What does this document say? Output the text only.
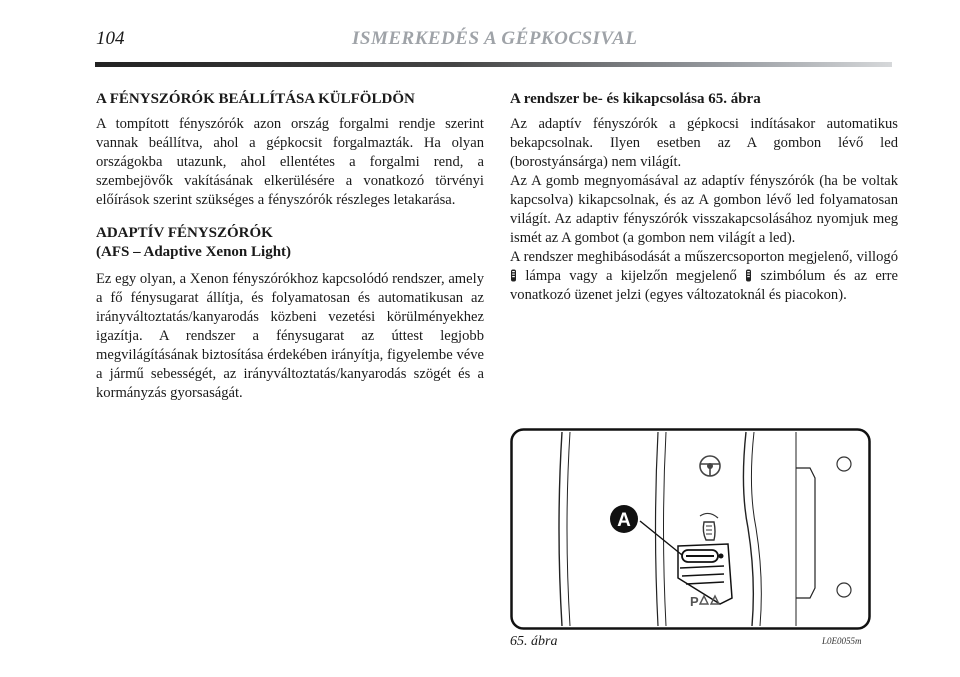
104	ISMERKEDÉS A GÉPKOCSIVAL
A FÉNYSZÓRÓK BEÁLLÍTÁSA KÜLFÖLDÖN

A tompított fényszórók azon ország forgalmi rendje szerint vannak beállítva, ahol a gépkocsit forgalmazták. Ha olyan országokba utazunk, ahol ellentétes a forgalmi rend, a szembejövők vakításának elkerülésére a vonatkozó törvényi előírások szerint szükséges a fényszórók részleges letakarása.

ADAPTÍV FÉNYSZÓRÓK
(AFS – Adaptive Xenon Light)

Ez egy olyan, a Xenon fényszórókhoz kapcsolódó rendszer, amely a fő fénysugarat állítja, és folyamatosan és automatikusan az irányváltoztatás/kanyarodás közbeni vezetési körülményekhez igazítja. A rendszer a fénysugarat az úttest legjobb megvilágításának biztosítása érdekében irányítja, figyelembe véve a jármű sebességét, az irányváltoztatás/kanyarodás szögét és a kormányzás gyorsaságát.

A rendszer be- és kikapcsolása 65. ábra

Az adaptív fényszórók a gépkocsi indításakor automatikus bekapcsolnak. Ilyen esetben az A gombon lévő led (borostyánsárga) nem világít.

Az A gomb megnyomásával az adaptív fényszórók (ha be voltak kapcsolva) kikapcsolnak, és az A gombon lévő led folyamatosan világít. Az adaptiv fényszórók visszakapcsolásához nyomjuk meg ismét az A gombot (a gombon nem világít a led).

A rendszer meghibásodását a műszercsoporton megjelenő, villogó  lámpa vagy a kijelzőn megjelenő szimbólum és az erre vonatkozó üzenet jelzi (egyes változatoknál és piacokon).

P
A
65. ábra	L0E0055m
